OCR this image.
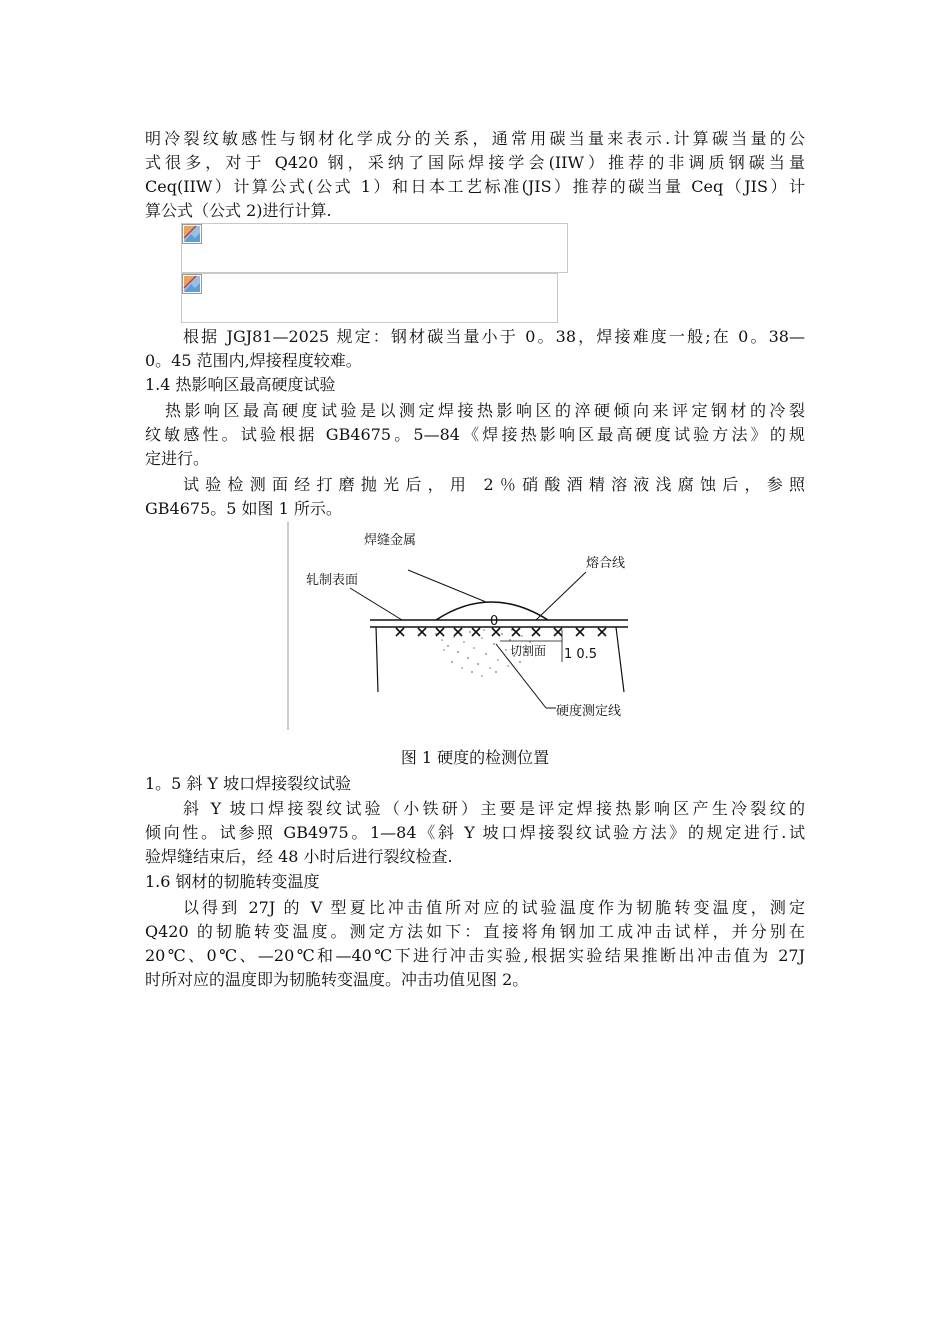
明冷裂纹敏感性与钢材化学成分的关系，通常用碳当量来表示.计算碳当量的公
式很多，对于 Q420 钢，采纳了国际焊接学会(IIW）推荐的非调质钢碳当量
Ceq(IIW）计算公式(公式 1）和日本工艺标准(JIS）推荐的碳当量 Ceq（JIS）计
算公式（公式 2)进行计算.
根据 JGJ81—2025 规定：钢材碳当量小于 0。38，焊接难度一般;在 0。38—
0。45 范围内,焊接程度较难。
1.4 热影响区最高硬度试验
热影响区最高硬度试验是以测定焊接热影响区的淬硬倾向来评定钢材的冷裂
纹敏感性。试验根据 GB4675。5—84《焊接热影响区最高硬度试验方法》的规
定进行。
试验检测面经打磨抛光后，用 2％硝酸酒精溶液浅腐蚀后，参照
GB4675。5 如图 1 所示。
焊缝金属
熔合线
轧制表面
0
切割面 1 0.5
硬度测定线
图 1 硬度的检测位置
1。5 斜 Y 坡口焊接裂纹试验
斜 Y 坡口焊接裂纹试验（小铁研）主要是评定焊接热影响区产生冷裂纹的
倾向性。试参照 GB4975。1—84《斜 Y 坡口焊接裂纹试验方法》的规定进行.试
验焊缝结束后，经 48 小时后进行裂纹检查.
1.6 钢材的韧脆转变温度
以得到 27J 的 V 型夏比冲击值所对应的试验温度作为韧脆转变温度，测定
Q420 的韧脆转变温度。测定方法如下：直接将角钢加工成冲击试样，并分别在
20℃、0℃、—20℃和—40℃下进行冲击实验,根据实验结果推断出冲击值为 27J
时所对应的温度即为韧脆转变温度。冲击功值见图 2。
